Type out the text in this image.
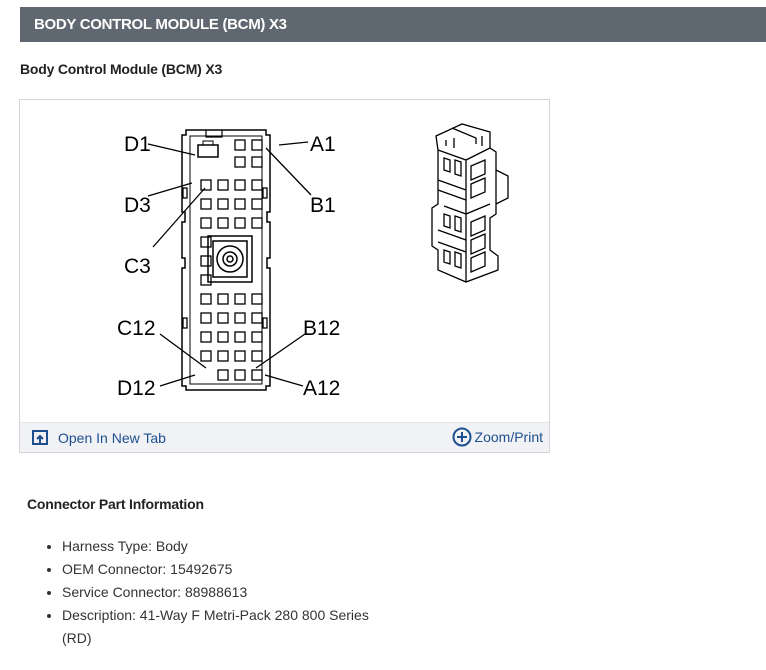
BODY CONTROL MODULE (BCM) X3
Body Control Module (BCM) X3
D1	A1
D3	B1
C3
C12	B12
D12	A12
Open In New Tab	Zoom/Print
Connector Part Information
• Harness Type: Body
• OEM Connector: 15492675
• Service Connector: 88988613
• Description: 41-Way F Metri-Pack 280 800 Series (RD)
